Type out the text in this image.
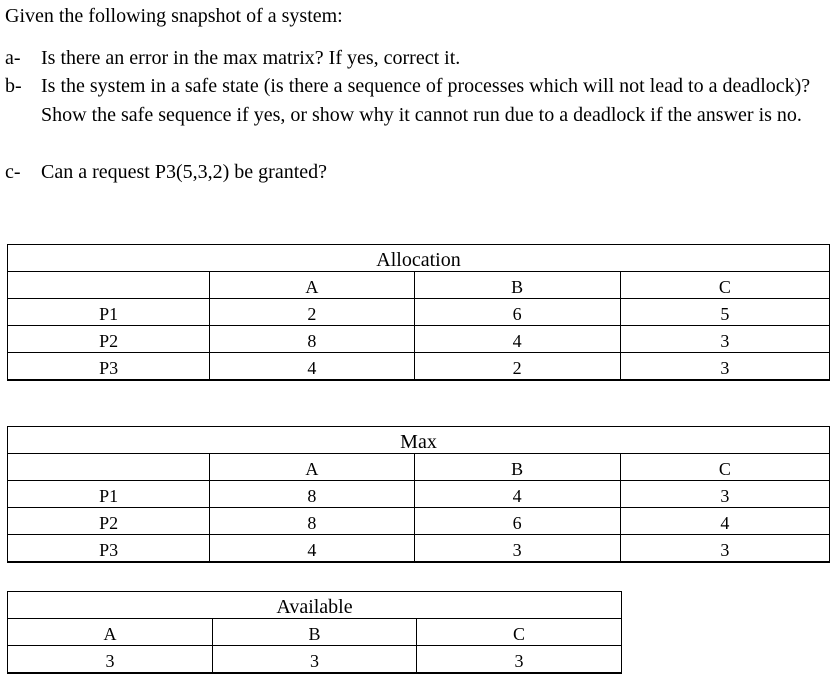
Given the following snapshot of a system:
a-	Is there an error in the max matrix? If yes, correct it.
b- Is the system in a safe state (is there a sequence of processes which will not lead to a deadlock)? Show the safe sequence if yes, or show why it cannot run due to a deadlock if the answer is no.
c-	Can a request P3(5,3,2) be granted?
Allocation			
	A	B	C
P1	2	6	5
P2	8	4	3
P3	4	2	3
Max			
	A	B	C
P1	8	4	3
P2	8	6	4
P3	4	3	3
Available		
A	B	C
3	3	3
